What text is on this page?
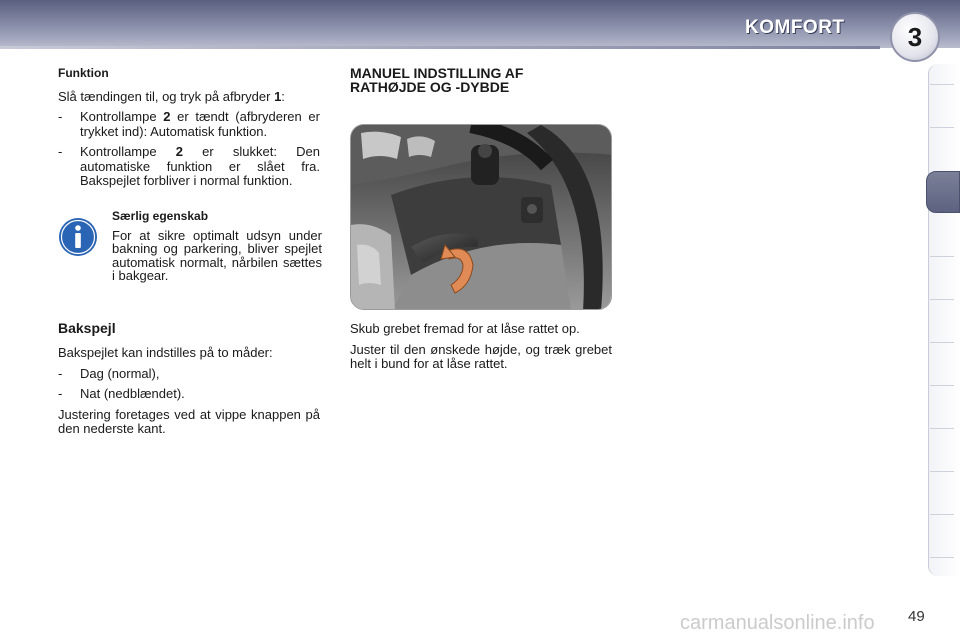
KOMFORT 3
Funktion

Slå tændingen til, og tryk på afbryder 1:

-	Kontrollampe 2 er tændt (afbryderen er trykket ind): Automatisk funktion.
-	Kontrollampe 2 er slukket: Den automatiske funktion er slået fra. Bakspejlet forbliver i normal funktion.
Særlig egenskab
For at sikre optimalt udsyn under bakning og parkering, bliver spejlet automatisk normalt, nårbilen sættes i bakgear.
Bakspejl

Bakspejlet kan indstilles på to måder:

-	Dag (normal),
-	Nat (nedblændet).

Justering foretages ved at vippe knappen på den nederste kant.

MANUEL INDSTILLING AF RATHØJDE OG -DYBDE

Skub grebet fremad for at låse rattet op.

Juster til den ønskede højde, og træk grebet helt i bund for at låse rattet.

carmanualsonline.info 49
